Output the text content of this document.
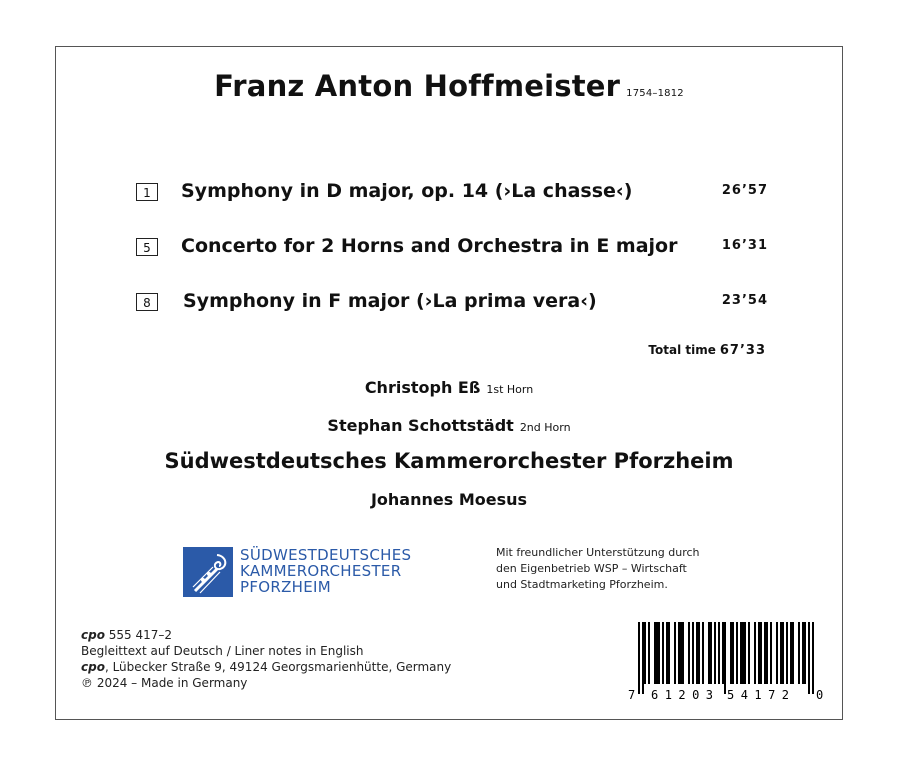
Franz Anton Hoffmeister 1754–1812
1	Symphony in D major, op. 14 (›La chasse‹)	26’57
5	Concerto for 2 Horns and Orchestra in E major	16’31
8	Symphony in F major (›La prima vera‹)	23’54
Total time 67’33
Christoph Eß 1st Horn
Stephan Schottstädt 2nd Horn
Südwestdeutsches Kammerorchester Pforzheim
Johannes Moesus
SÜDWESTDEUTSCHES
KAMMERORCHESTER
PFORZHEIM
Mit freundlicher Unterstützung durch
den Eigenbetrieb WSP – Wirtschaft
und Stadtmarketing Pforzheim.
cpo 555 417–2
Begleittext auf Deutsch / Liner notes in English
cpo, Lübecker Straße 9, 49124 Georgsmarienhütte, Germany
℗ 2024 – Made in Germany
7 61203 54172 0
